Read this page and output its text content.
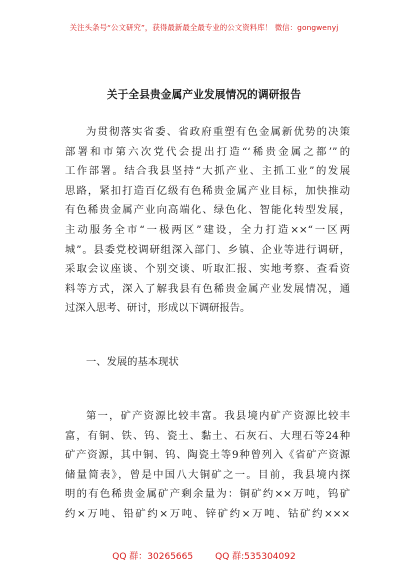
关注头条号“公文研究”，获得最新最全最专业的公文资料库！ 微信：gongwenyj
关于全县贵金属产业发展情况的调研报告
为贯彻落实省委、省政府重塑有色金属新优势的决策
部署和市第六次党代会提出打造“‘稀贵金属之都’”的
工作部署。结合我县坚持“大抓产业、主抓工业”的发展
思路，紧扣打造百亿级有色稀贵金属产业目标，加快推动
有色稀贵金属产业向高端化、绿色化、智能化转型发展，
主动服务全市“一极两区”建设，全力打造××“一区两
城”。县委党校调研组深入部门、乡镇、企业等进行调研，
采取会议座谈、个别交谈、听取汇报、实地考察、查看资
料等方式，深入了解我县有色稀贵金属产业发展情况，通
过深入思考、研讨，形成以下调研报告。
一、发展的基本现状
第一，矿产资源比较丰富。我县境内矿产资源比较丰
富，有铜、铁、钨、瓷土、黏土、石灰石、大理石等24种
矿产资源，其中铜、钨、陶瓷土等9种曾列入《省矿产资源
储量简表》，曾是中国八大铜矿之一。目前，我县境内探
明的有色稀贵金属矿产剩余量为：铜矿约××万吨，钨矿
约×万吨、铅矿约×万吨、锌矿约×万吨、钴矿约×××
QQ 群：30265665 QQ 群:535304092
